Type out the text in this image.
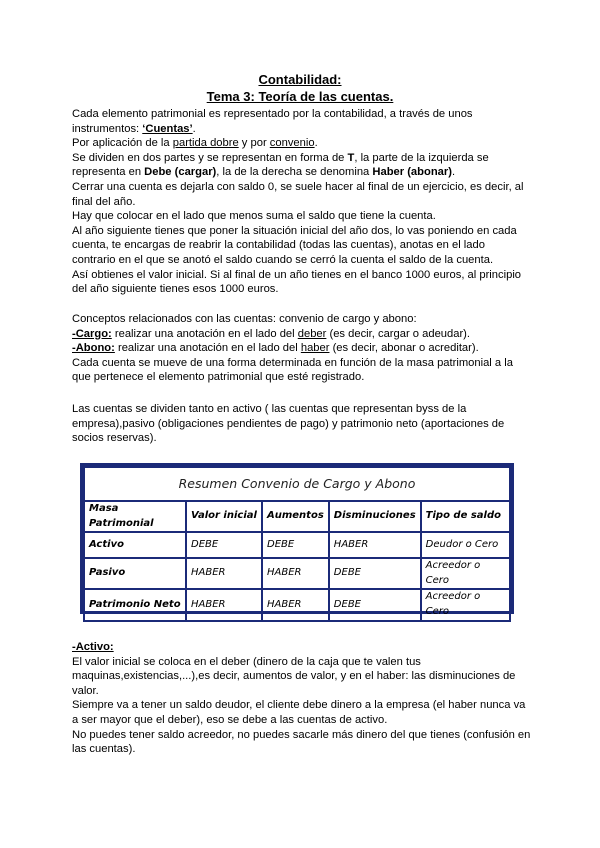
Contabilidad:
Tema 3: Teoría de las cuentas.

Cada elemento patrimonial es representado por la contabilidad, a través de unos

instrumentos: ‘Cuentas’.

Por aplicación de la partida dobre y por convenio.

Se dividen en dos partes y se representan en forma de T, la parte de la izquierda se

representa en Debe (cargar), la de la derecha se denomina Haber (abonar).

Cerrar una cuenta es dejarla con saldo 0, se suele hacer al final de un ejercicio, es decir, al

final del año.

Hay que colocar en el lado que menos suma el saldo que tiene la cuenta.

Al año siguiente tienes que poner la situación inicial del año dos, lo vas poniendo en cada

cuenta, te encargas de reabrir la contabilidad (todas las cuentas), anotas en el lado

contrario en el que se anotó el saldo cuando se cerró la cuenta el saldo de la cuenta.

Así obtienes el valor inicial. Si al final de un año tienes en el banco 1000 euros, al principio

del año siguiente tienes esos 1000 euros.

Conceptos relacionados con las cuentas: convenio de cargo y abono:

-Cargo: realizar una anotación en el lado del deber (es decir, cargar o adeudar).

-Abono: realizar una anotación en el lado del haber (es decir, abonar o acreditar).

Cada cuenta se mueve de una forma determinada en función de la masa patrimonial a la

que pertenece el elemento patrimonial que esté registrado.

Las cuentas se dividen tanto en activo ( las cuentas que representan byss de la

empresa),pasivo (obligaciones pendientes de pago) y patrimonio neto (aportaciones de

socios reservas).

Resumen Convenio de Cargo y Abono				
Masa Patrimonial	Valor inicial	Aumentos	Disminuciones	Tipo de saldo
Activo	DEBE	DEBE	HABER	Deudor o Cero
Pasivo	HABER	HABER	DEBE	Acreedor o Cero
Patrimonio Neto	HABER	HABER	DEBE	Acreedor o Cero

-Activo:

El valor inicial se coloca en el deber (dinero de la caja que te valen tus

maquinas,existencias,...),es decir, aumentos de valor, y en el haber: las disminuciones de

valor.

Siempre va a tener un saldo deudor, el cliente debe dinero a la empresa (el haber nunca va

a ser mayor que el deber), eso se debe a las cuentas de activo.

No puedes tener saldo acreedor, no puedes sacarle más dinero del que tienes (confusión en

las cuentas).
